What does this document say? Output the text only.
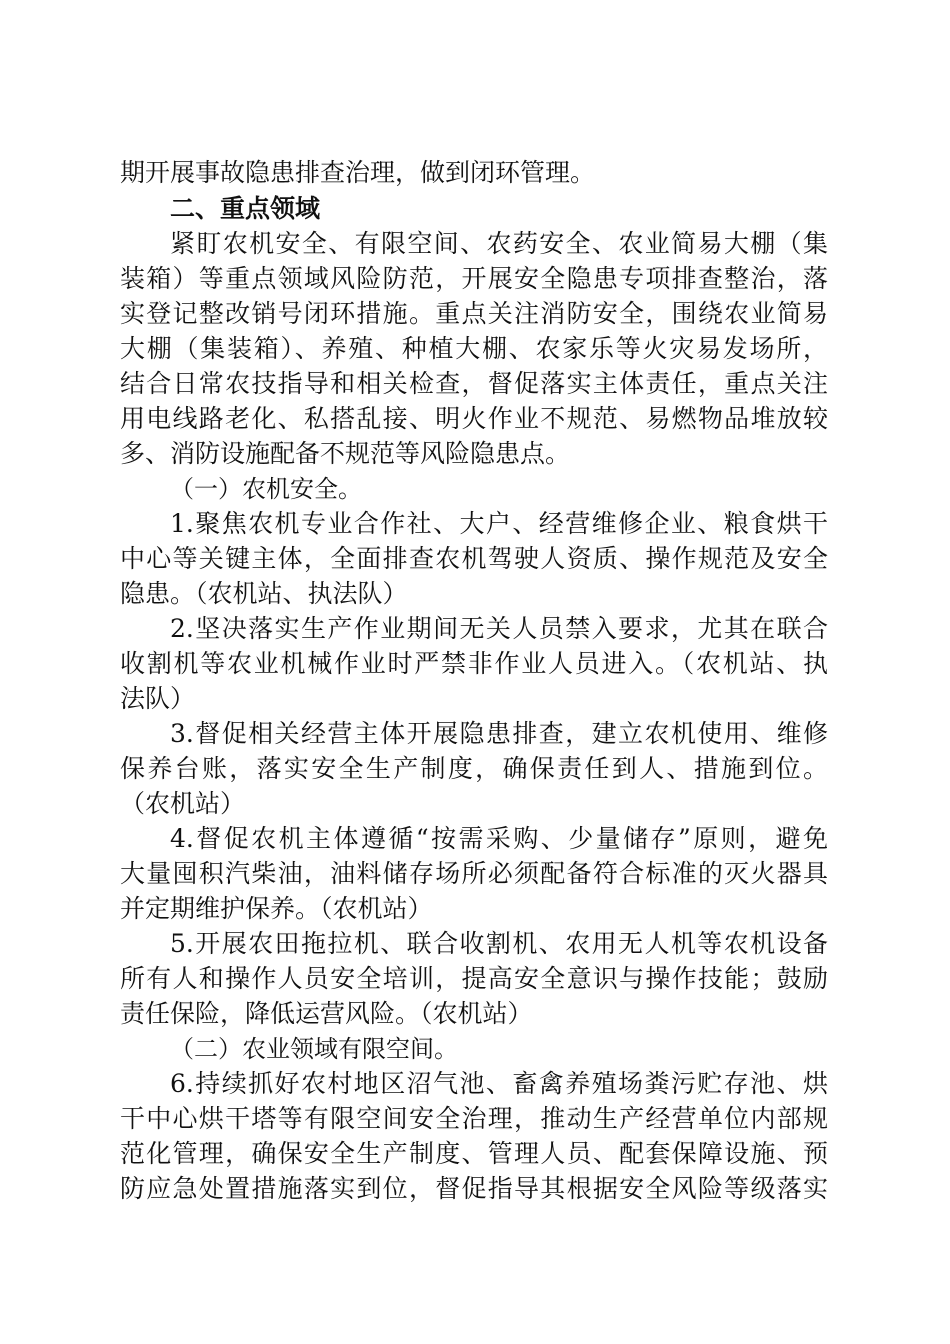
期开展事故隐患排查治理，做到闭环管理。
二、重点领域
紧盯农机安全、有限空间、农药安全、农业简易大棚（集
装箱）等重点领域风险防范，开展安全隐患专项排查整治，落
实登记整改销号闭环措施。重点关注消防安全，围绕农业简易
大棚（集装箱）、养殖、种植大棚、农家乐等火灾易发场所，
结合日常农技指导和相关检查，督促落实主体责任，重点关注
用电线路老化、私搭乱接、明火作业不规范、易燃物品堆放较
多、消防设施配备不规范等风险隐患点。
（一）农机安全。
1.聚焦农机专业合作社、大户、经营维修企业、粮食烘干
中心等关键主体，全面排查农机驾驶人资质、操作规范及安全
隐患。（农机站、执法队）
2.坚决落实生产作业期间无关人员禁入要求，尤其在联合
收割机等农业机械作业时严禁非作业人员进入。（农机站、执
法队）
3.督促相关经营主体开展隐患排查，建立农机使用、维修
保养台账，落实安全生产制度，确保责任到人、措施到位。
（农机站）
4.督促农机主体遵循“按需采购、少量储存”原则，避免
大量囤积汽柴油，油料储存场所必须配备符合标准的灭火器具
并定期维护保养。（农机站）
5.开展农田拖拉机、联合收割机、农用无人机等农机设备
所有人和操作人员安全培训，提高安全意识与操作技能；鼓励
责任保险，降低运营风险。（农机站）
（二）农业领域有限空间。
6.持续抓好农村地区沼气池、畜禽养殖场粪污贮存池、烘
干中心烘干塔等有限空间安全治理，推动生产经营单位内部规
范化管理，确保安全生产制度、管理人员、配套保障设施、预
防应急处置措施落实到位，督促指导其根据安全风险等级落实
